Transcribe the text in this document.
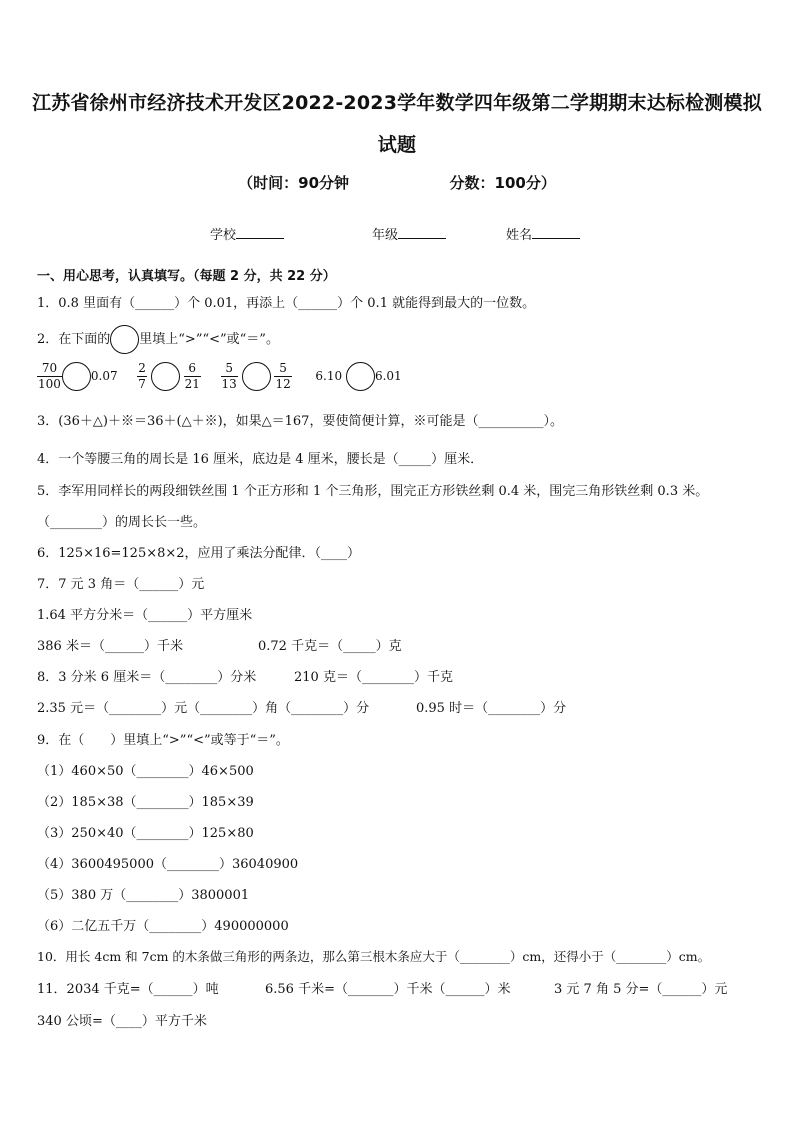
江苏省徐州市经济技术开发区2022-2023学年数学四年级第二学期期末达标检测模拟
试题
（时间：90分钟	分数：100分）
学校	年级	姓名
一、用心思考，认真填写。（每题 2 分，共 22 分）
1．0.8 里面有（______）个 0.01，再添上（______）个 0.1 就能得到最大的一位数。
2．在下面的 里填上“>”“<”或“＝”。
$\frac{70}{100} 0.07 \frac{2}{7}$
	$\frac{6}{21}$
$\frac{5}{13}$
	$\frac{5}{12} 6.10$	6.01
3．(36＋△)＋※＝36＋(△＋※)，如果△＝167，要使简便计算，※可能是（__________）。
4．一个等腰三角的周长是 16 厘米，底边是 4 厘米，腰长是（_____）厘米．
5．李军用同样长的两段细铁丝围 1 个正方形和 1 个三角形，围完正方形铁丝剩 0.4 米，围完三角形铁丝剩 0.3 米。
（________）的周长长一些。
6．125×16=125×8×2，应用了乘法分配律．（____）
7．7 元 3 角＝（______）元
1.64 平方分米＝（______）平方厘米
386 米＝（______）千米	0.72 千克＝（_____）克
8．3 分米 6 厘米＝（________）分米	210 克＝（________）千克
2.35 元＝（________）元（________）角（________）分	0.95 时＝（________）分
9．在（　　）里填上“>”“<”或等于“＝”。
（1）460×50（________）46×500
（2）185×38（________）185×39
（3）250×40（________）125×80
（4）3600495000（________）36040900
（5）380 万（________）3800001
（6）二亿五千万（________）490000000
10．用长 4cm 和 7cm 的木条做三角形的两条边，那么第三根木条应大于（________）cm，还得小于（________）cm。
11．2034 千克=（______）吨	6.56 千米=（_______）千米（______）米	3 元 7 角 5 分=（______）元
340 公顷=（____）平方千米
